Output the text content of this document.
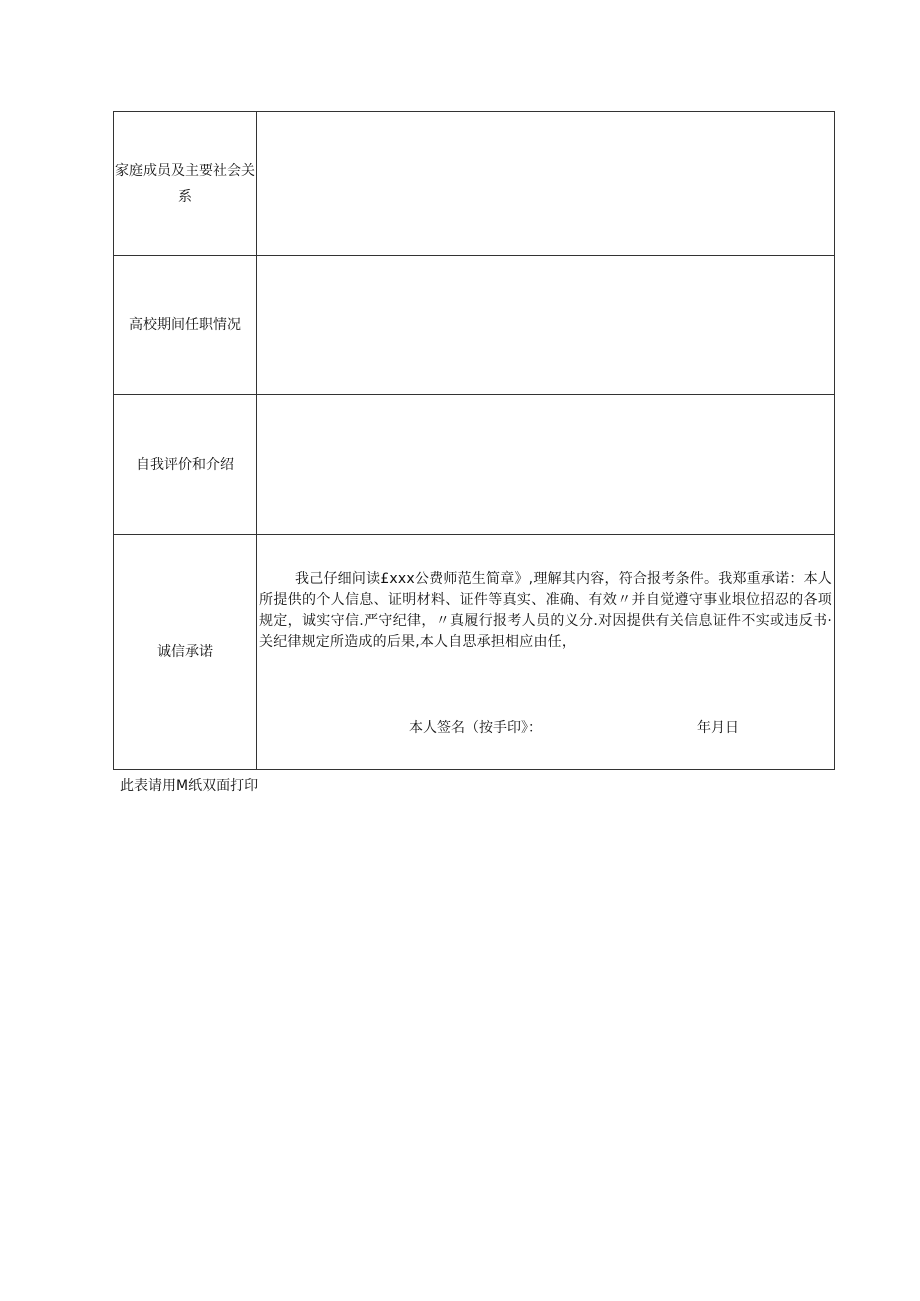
家庭成员及主要社会关系	
高校期间任职情况	
自我评价和介绍	
诚信承诺	我己仔细问读£xxx公费师范生简章》,理解其内容，符合报考条件。我郑重承诺：本人所提供的个人信息、证明材料、证件等真实、准确、有效〃并自觉遵守事业垠位招忍的各项规定，诚实守信.严守纪律，〃真履行报考人员的义分.对因提供有关信息证件不实或违反书·关纪律规定所造成的后果,本人自思承担相应由任，
本人签名（按手印》： 年月日
此表请用M纸双面打印
